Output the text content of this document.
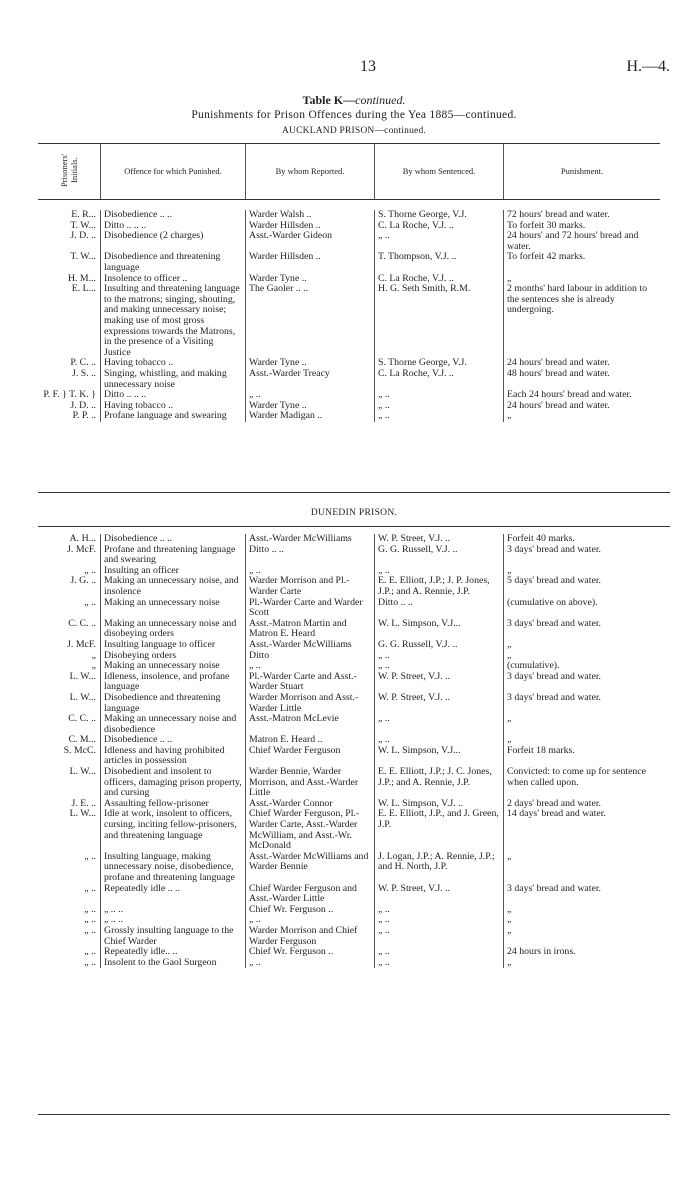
13	H.—4.
Table K—continued.
Punishments for Prison Offences during the Yea 1885—continued.
AUCKLAND PRISON—continued.
Prisoners' Initials.	Offence for which Punished.	By whom Reported.	By whom Sentenced.	Punishment.
E. R...	Disobedience .. ..	Warder Walsh ..	S. Thorne George, V.J.	72 hours' bread and water.
T. W...	Ditto .. .. ..	Warder Hillsden ..	C. La Roche, V.J. ..	To forfeit 30 marks.
J. D. ..	Disobedience (2 charges)	Asst.-Warder Gideon	„ ..	24 hours' and 72 hours' bread and water.
T. W...	Disobedience and threatening language	Warder Hillsden ..	T. Thompson, V.J. ..	To forfeit 42 marks.
H. M...	Insolence to officer ..	Warder Tyne ..	C. La Roche, V.J. ..	„
E. L...	Insulting and threatening language to the matrons; singing, shouting, and making unnecessary noise; making use of most gross expressions towards the Matrons, in the presence of a Visiting Justice	The Gaoler .. ..	H. G. Seth Smith, R.M.	2 months' hard labour in addition to the sentences she is already undergoing.
P. C. ..	Having tobacco ..	Warder Tyne ..	S. Thorne George, V.J.	24 hours' bread and water.
J. S. ..	Singing, whistling, and making unnecessary noise	Asst.-Warder Treacy	C. La Roche, V.J. ..	48 hours' bread and water.
P. F. } T. K. }	Ditto .. .. ..	„ ..	„ ..	Each 24 hours' bread and water.
J. D. ..	Having tobacco ..	Warder Tyne ..	„ ..	24 hours' bread and water.
P. P. ..	Profane language and swearing	Warder Madigan ..	„ ..	„
DUNEDIN PRISON.
A. H...	Disobedience .. ..	Asst.-Warder McWilliams	W. P. Street, V.J. ..	Forfeit 40 marks.
J. McF.	Profane and threatening language and swearing	Ditto .. ..	G. G. Russell, V.J. ..	3 days' bread and water.
„ ..	Insulting an officer	„ ..	„ ..	„
J. G. ..	Making an unnecessary noise, and insolence	Warder Morrison and Pl.-Warder Carte	E. E. Elliott, J.P.; J. P. Jones, J.P.; and A. Rennie, J.P.	5 days' bread and water.
„ ..	Making an unnecessary noise	Pl.-Warder Carte and Warder Scott	Ditto .. ..	(cumulative on above).
C. C. ..	Making an unnecessary noise and disobeying orders	Asst.-Matron Martin and Matron E. Heard	W. L. Simpson, V.J...	3 days' bread and water.
J. McF.	Insulting language to officer	Asst.-Warder McWilliams	G. G. Russell, V.J. ..	„
„	Disobeying orders	Ditto	„ ..	„
„	Making an unnecessary noise	„ ..	„ ..	(cumulative).
L. W...	Idleness, insolence, and profane language	Pl.-Warder Carte and Asst.-Warder Stuart	W. P. Street, V.J. ..	3 days' bread and water.
L. W...	Disobedience and threatening language	Warder Morrison and Asst.-Warder Little	W. P. Street, V.J. ..	3 days' bread and water.
C. C. ..	Making an unnecessary noise and disobedience	Asst.-Matron McLevie	„ ..	„
C. M...	Disobedience .. ..	Matron E. Heard ..	„ ..	„
S. McC.	Idleness and having prohibited articles in possession	Chief Warder Ferguson	W. L. Simpson, V.J...	Forfeit 18 marks.
L. W...	Disobedient and insolent to officers, damaging prison property, and cursing	Warder Bennie, Warder Morrison, and Asst.-Warder Little	E. E. Elliott, J.P.; J. C. Jones, J.P.; and A. Rennie, J.P.	Convicted: to come up for sentence when called upon.
J. E. ..	Assaulting fellow-prisoner	Asst.-Warder Connor	W. L. Simpson, V.J. ..	2 days' bread and water.
L. W...	Idle at work, insolent to officers, cursing, inciting fellow-prisoners, and threatening language	Chief Warder Ferguson, Pl.-Warder Carte, Asst.-Warder McWilliam, and Asst.-Wr. McDonald	E. E. Elliott, J.P., and J. Green, J.P.	14 days' bread and water.
„ ..	Insulting language, making unnecessary noise, disobedience, profane and threatening language	Asst.-Warder McWilliams and Warder Bennie	J. Logan, J.P.; A. Rennie, J.P.; and H. North, J.P.	„
„ ..	Repeatedly idle .. ..	Chief Warder Ferguson and Asst.-Warder Little	W. P. Street, V.J. ..	3 days' bread and water.
„ ..	„ .. ..	Chief Wr. Ferguson ..	„ ..	„
„ ..	„ .. ..	„ ..	„ ..	„
„ ..	Grossly insulting language to the Chief Warder	Warder Morrison and Chief Warder Ferguson	„ ..	„
„ ..	Repeatedly idle.. ..	Chief Wr. Ferguson ..	„ ..	24 hours in irons.
„ ..	Insolent to the Gaol Surgeon	„ ..	„ ..	„
